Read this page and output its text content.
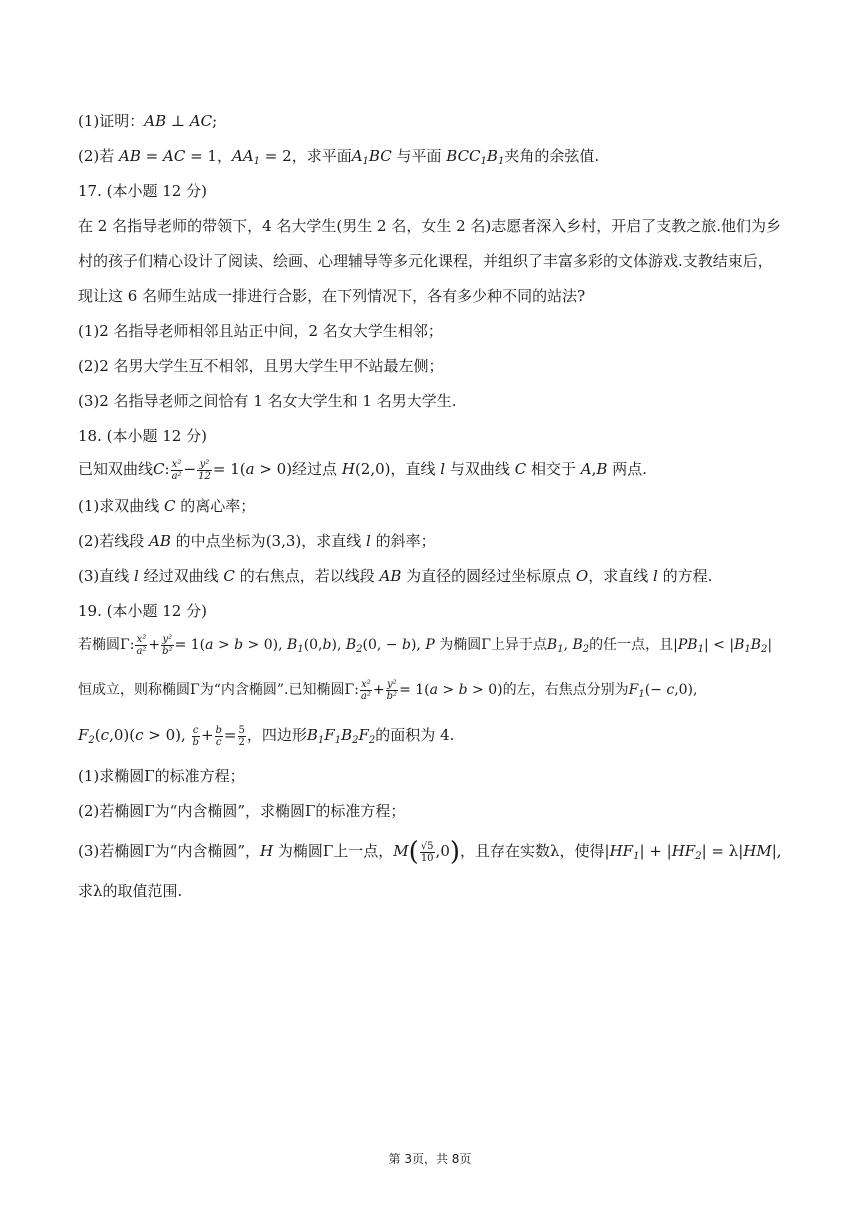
(1)证明：AB ⊥ AC;
(2)若 AB = AC = 1，$AA_1 = 2$，求平面$A_1BC$ 与平面 $BCC_1B_1$夹角的余弦值.
17. (本小题 12 分)
在 2 名指导老师的带领下，4 名大学生(男生 2 名，女生 2 名)志愿者深入乡村，开启了支教之旅.他们为乡
村的孩子们精心设计了阅读、绘画、心理辅导等多元化课程，并组织了丰富多彩的文体游戏.支教结束后，
现让这 6 名师生站成一排进行合影，在下列情况下，各有多少种不同的站法?
(1)2 名指导老师相邻且站正中间，2 名女大学生相邻；
(2)2 名男大学生互不相邻，且男大学生甲不站最左侧；
(3)2 名指导老师之间恰有 1 名女大学生和 1 名男大学生.
18. (本小题 12 分)
已知双曲线C: $\frac{\text{x²}}{\text{a²}} - \frac{\text{y²}}{12} = 1(a > 0)$经过点 H(2,0)，直线 l 与双曲线 C 相交于 A,B 两点.
(1)求双曲线 C 的离心率；
(2)若线段 AB 的中点坐标为(3,3)，求直线 l 的斜率；
(3)直线 l 经过双曲线 C 的右焦点，若以线段 AB 为直径的圆经过坐标原点 O，求直线 l 的方程.
19. (本小题 12 分)
若椭圆Γ: $\frac{\text{x²}}{\text{a²}} + \frac{\text{y²}}{\text{b²}} = 1(a > b > 0)$, $B_1(0,b)$, $B_2(0$, − b), P 为椭圆Γ上异于点$B_1$, $B_2$的任一点，且$|PB_1| < |B_1B_2|$
恒成立，则称椭圆Γ为“内含椭圆”.已知椭圆Γ: $\frac{\text{x²}}{\text{a²}} + \frac{\text{y²}}{\text{b²}} = 1(a > b > 0)$的左，右焦点分别为$F_1(- c,0)$,
$F_2(c,0)(c > 0)$, $\frac{c}{b} + \frac{b}{c} = \frac{5}{2}$ ，四边形$B_1F_1B_2F_2$的面积为 4.
(1)求椭圆Γ的标准方程；
(2)若椭圆Γ为“内含椭圆”，求椭圆Γ的标准方程；
(3)若椭圆Γ为“内含椭圆”，H 为椭圆Γ上一点，$M( \frac{√5}{10} ,0)$，且存在实数λ，使得$|HF_1| + |HF_2| = \lambda|HM|$,
求λ的取值范围.
第 3页，共 8页
